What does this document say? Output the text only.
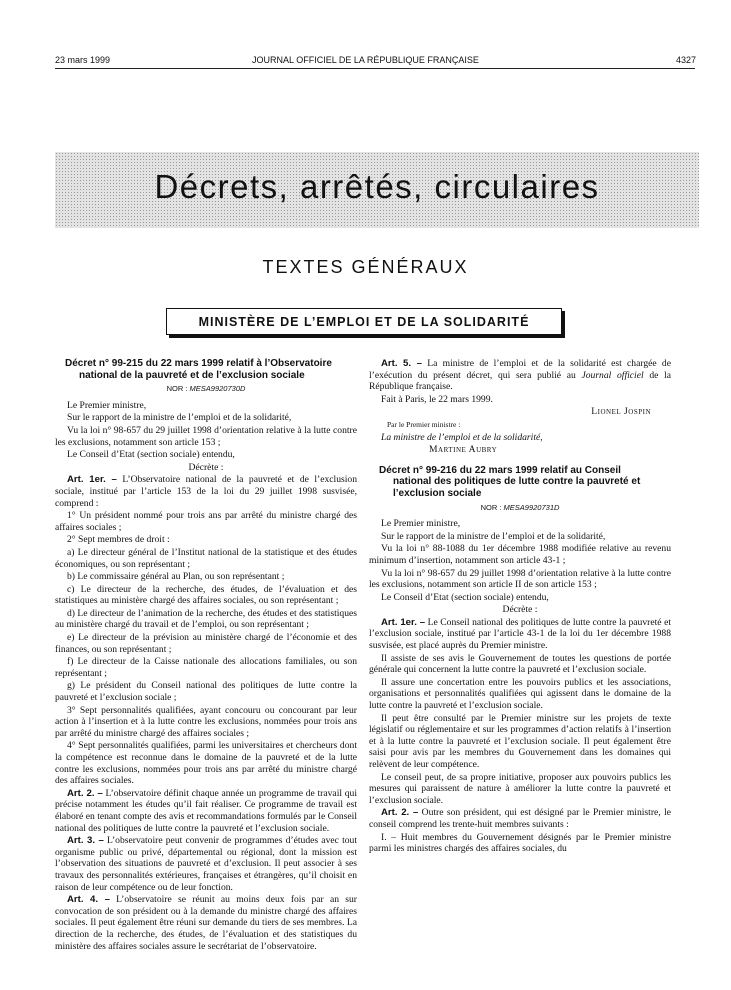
23 mars 1999	JOURNAL OFFICIEL DE LA RÉPUBLIQUE FRANÇAISE	4327
Décrets, arrêtés, circulaires
TEXTES GÉNÉRAUX
MINISTÈRE DE L’EMPLOI ET DE LA SOLIDARITÉ
Décret n° 99-215 du 22 mars 1999 relatif à l’Observatoire national de la pauvreté et de l’exclusion sociale
NOR : MESA9920730D

Le Premier ministre,

Sur le rapport de la ministre de l’emploi et de la solidarité,

Vu la loi n° 98-657 du 29 juillet 1998 d’orientation relative à la lutte contre les exclusions, notamment son article 153 ;

Le Conseil d’Etat (section sociale) entendu,

Décrète :

Art. 1er. – L’Observatoire national de la pauvreté et de l’exclusion sociale, institué par l’article 153 de la loi du 29 juillet 1998 susvisée, comprend :

1° Un président nommé pour trois ans par arrêté du ministre chargé des affaires sociales ;

2° Sept membres de droit :

a) Le directeur général de l’Institut national de la statistique et des études économiques, ou son représentant ;

b) Le commissaire général au Plan, ou son représentant ;

c) Le directeur de la recherche, des études, de l’évaluation et des statistiques au ministère chargé des affaires sociales, ou son représentant ;

d) Le directeur de l’animation de la recherche, des études et des statistiques au ministère chargé du travail et de l’emploi, ou son représentant ;

e) Le directeur de la prévision au ministère chargé de l’économie et des finances, ou son représentant ;

f) Le directeur de la Caisse nationale des allocations familiales, ou son représentant ;

g) Le président du Conseil national des politiques de lutte contre la pauvreté et l’exclusion sociale ;

3° Sept personnalités qualifiées, ayant concouru ou concourant par leur action à l’insertion et à la lutte contre les exclusions, nommées pour trois ans par arrêté du ministre chargé des affaires sociales ;

4° Sept personnalités qualifiées, parmi les universitaires et chercheurs dont la compétence est reconnue dans le domaine de la pauvreté et de la lutte contre les exclusions, nommées pour trois ans par arrêté du ministre chargé des affaires sociales.

Art. 2. – L’observatoire définit chaque année un programme de travail qui précise notamment les études qu’il fait réaliser. Ce programme de travail est élaboré en tenant compte des avis et recommandations formulés par le Conseil national des politiques de lutte contre la pauvreté et l’exclusion sociale.

Art. 3. – L’observatoire peut convenir de programmes d’études avec tout organisme public ou privé, départemental ou régional, dont la mission est l’observation des situations de pauvreté et d’exclusion. Il peut associer à ses travaux des personnalités extérieures, françaises et étrangères, qu’il choisit en raison de leur compétence ou de leur fonction.

Art. 4. – L’observatoire se réunit au moins deux fois par an sur convocation de son président ou à la demande du ministre chargé des affaires sociales. Il peut également être réuni sur demande du tiers de ses membres. La direction de la recherche, des études, de l’évaluation et des statistiques du ministère des affaires sociales assure le secrétariat de l’observatoire.

Art. 5. – La ministre de l’emploi et de la solidarité est chargée de l’exécution du présent décret, qui sera publié au Journal officiel de la République française.

Fait à Paris, le 22 mars 1999.

Lionel Jospin

Par le Premier ministre :

La ministre de l’emploi et de la solidarité,

Martine Aubry

Décret n° 99-216 du 22 mars 1999 relatif au Conseil national des politiques de lutte contre la pauvreté et l’exclusion sociale
NOR : MESA9920731D

Le Premier ministre,

Sur le rapport de la ministre de l’emploi et de la solidarité,

Vu la loi n° 88-1088 du 1er décembre 1988 modifiée relative au revenu minimum d’insertion, notamment son article 43-1 ;

Vu la loi n° 98-657 du 29 juillet 1998 d’orientation relative à la lutte contre les exclusions, notamment son article II de son article 153 ;

Le Conseil d’Etat (section sociale) entendu,

Décrète :

Art. 1er. – Le Conseil national des politiques de lutte contre la pauvreté et l’exclusion sociale, institué par l’article 43-1 de la loi du 1er décembre 1988 susvisée, est placé auprès du Premier ministre.

Il assiste de ses avis le Gouvernement de toutes les questions de portée générale qui concernent la lutte contre la pauvreté et l’exclusion sociale.

Il assure une concertation entre les pouvoirs publics et les associations, organisations et personnalités qualifiées qui agissent dans le domaine de la lutte contre la pauvreté et l’exclusion sociale.

Il peut être consulté par le Premier ministre sur les projets de texte législatif ou réglementaire et sur les programmes d’action relatifs à l’insertion et à la lutte contre la pauvreté et l’exclusion sociale. Il peut également être saisi pour avis par les membres du Gouvernement dans les domaines qui relèvent de leur compétence.

Le conseil peut, de sa propre initiative, proposer aux pouvoirs publics les mesures qui paraissent de nature à améliorer la lutte contre la pauvreté et l’exclusion sociale.

Art. 2. – Outre son président, qui est désigné par le Premier ministre, le conseil comprend les trente-huit membres suivants :

I. – Huit membres du Gouvernement désignés par le Premier ministre parmi les ministres chargés des affaires sociales, du
